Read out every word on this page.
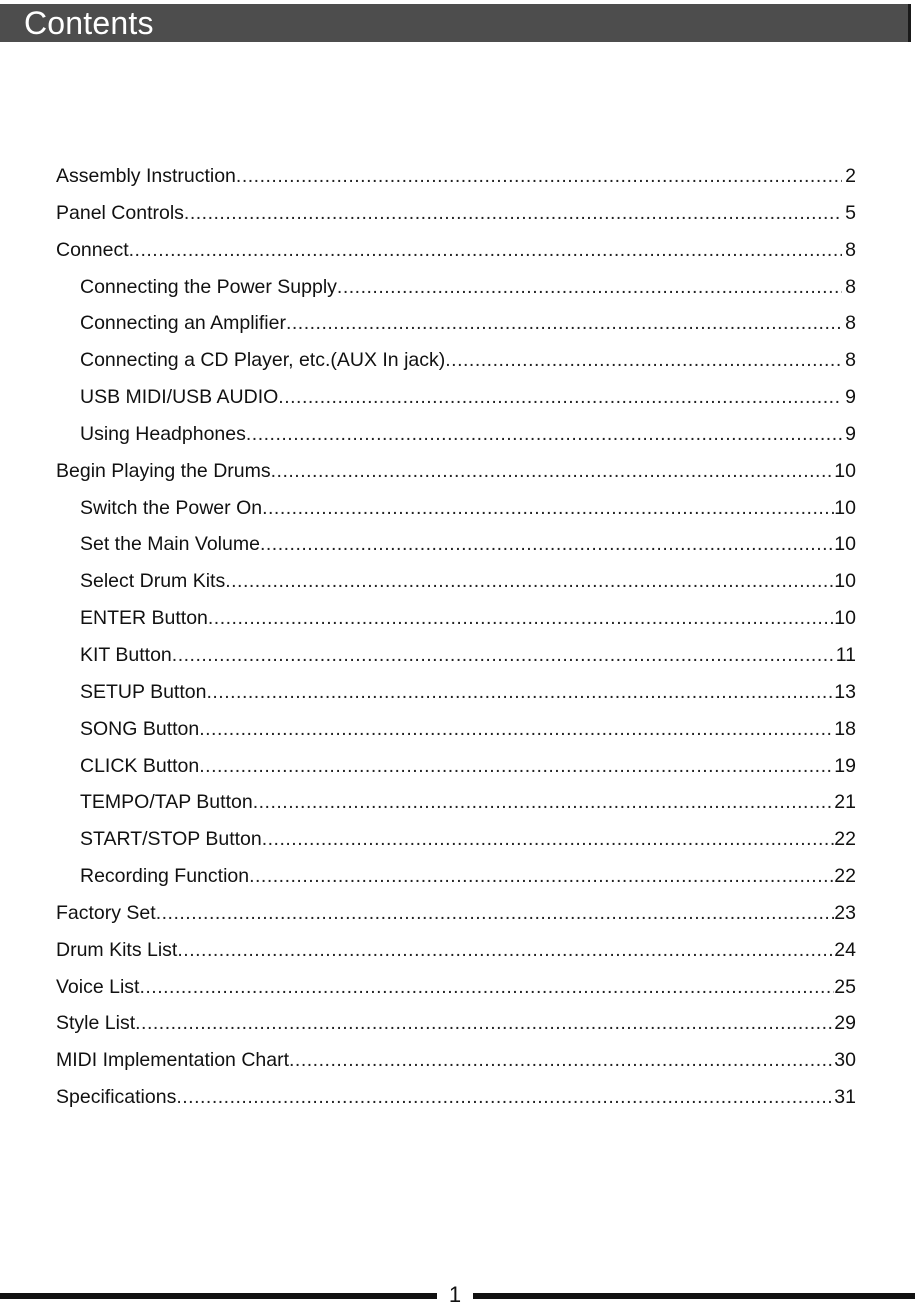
Contents
Assembly Instruction .....	2
Panel Controls .....	5
Connect .....	8
Connecting the Power Supply .....	8
Connecting an Amplifier .....	8
Connecting a CD Player, etc.(AUX In jack) .....	8
USB MIDI/USB AUDIO .....	9
Using Headphones .....	9
Begin Playing the Drums .....	10
Switch the Power On .....	10
Set the Main Volume .....	10
Select Drum Kits .....	10
ENTER Button .....	10
KIT Button .....	11
SETUP Button .....	13
SONG Button .....	18
CLICK Button .....	19
TEMPO/TAP Button .....	21
START/STOP Button .....	22
Recording Function .....	22
Factory Set .....	23
Drum Kits List .....	24
Voice List .....	25
Style List .....	29
MIDI Implementation Chart .....	30
Specifications .....	31
1
